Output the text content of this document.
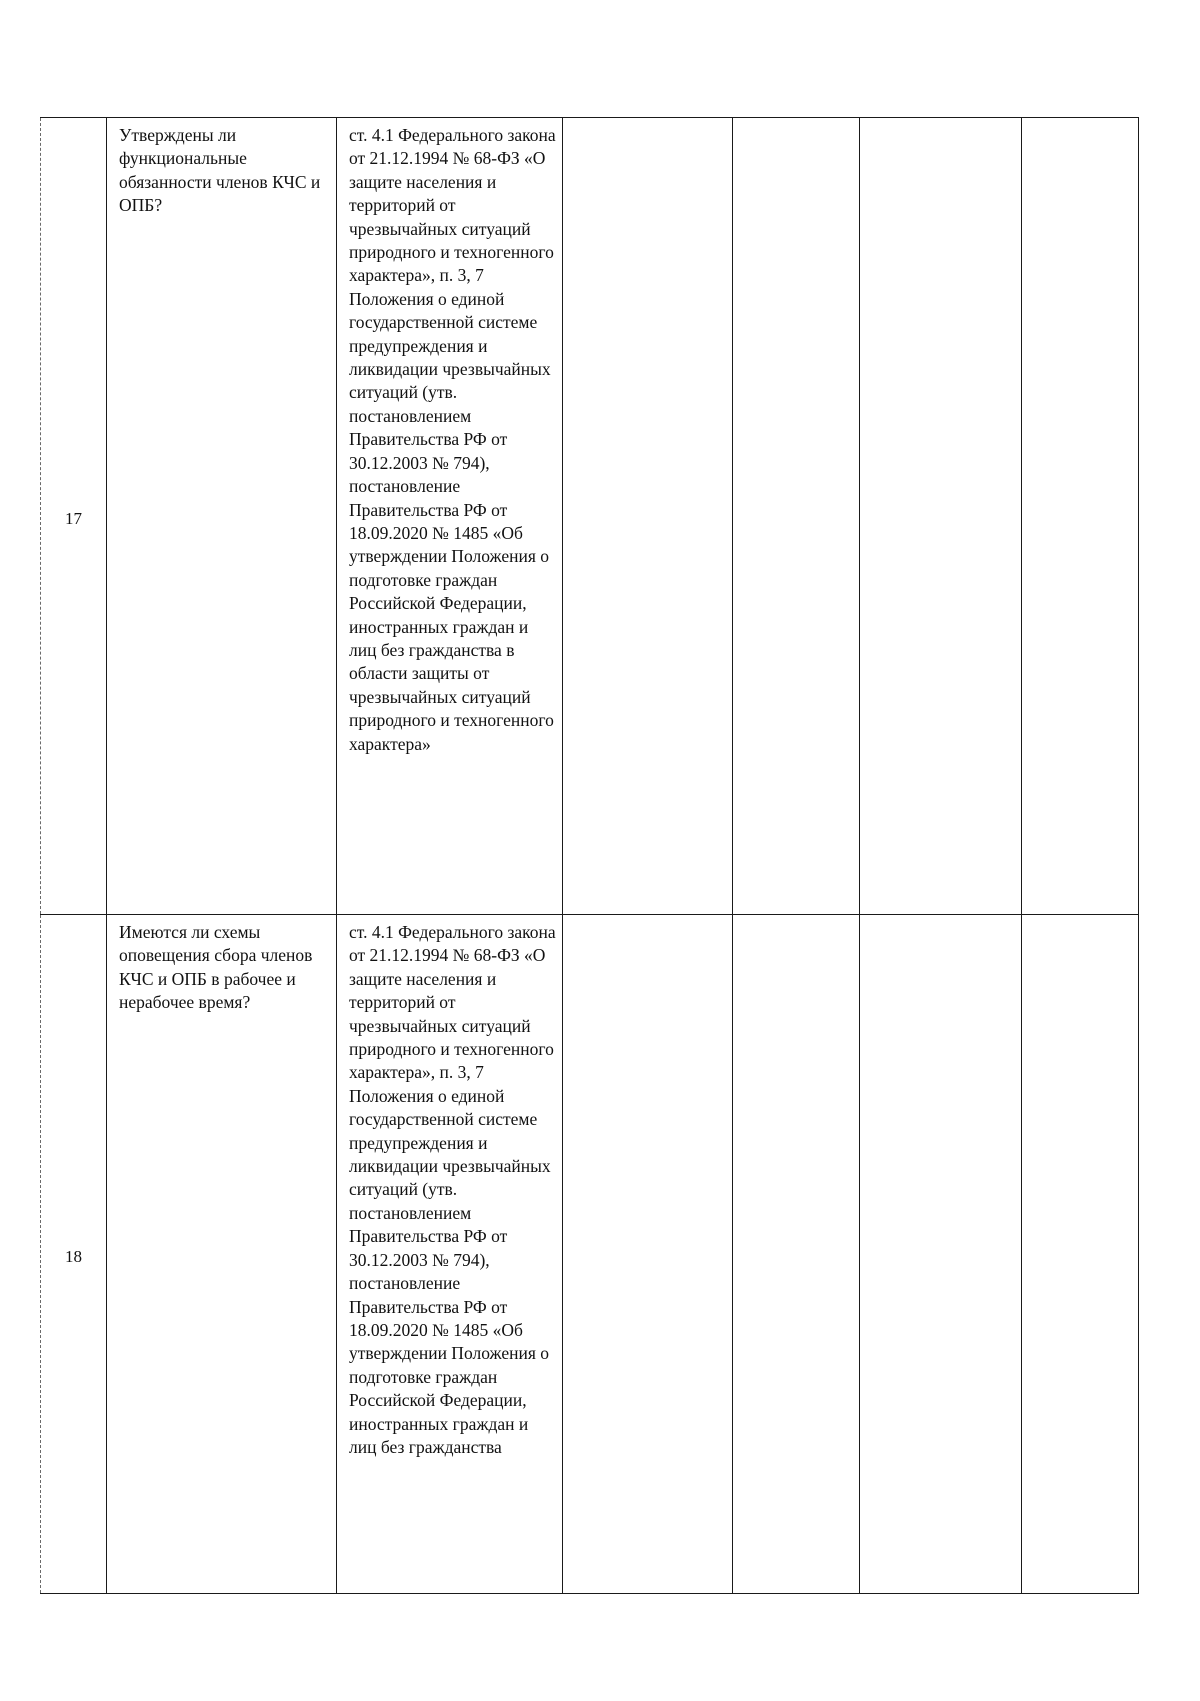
17	Утверждены ли функциональные обязанности членов КЧС и ОПБ?	ст. 4.1 Федерального закона от 21.12.1994 № 68-ФЗ «О защите населения и территорий от чрезвычайных ситуаций природного и техногенного характера», п. 3, 7 Положения о единой государственной системе предупреждения и ликвидации чрезвычайных ситуаций (утв. постановлением Правительства РФ от 30.12.2003 № 794), постановление Правительства РФ от 18.09.2020 № 1485 «Об утверждении Положения о подготовке граждан Российской Федерации, иностранных граждан и лиц без гражданства в области защиты от чрезвычайных ситуаций природного и техногенного характера»				
18	Имеются ли схемы оповещения сбора членов КЧС и ОПБ в рабочее и нерабочее время?	ст. 4.1 Федерального закона от 21.12.1994 № 68-ФЗ «О защите населения и территорий от чрезвычайных ситуаций природного и техногенного характера», п. 3, 7 Положения о единой государственной системе предупреждения и ликвидации чрезвычайных ситуаций (утв. постановлением Правительства РФ от 30.12.2003 № 794), постановление Правительства РФ от 18.09.2020 № 1485 «Об утверждении Положения о подготовке граждан Российской Федерации, иностранных граждан и лиц без гражданства				
